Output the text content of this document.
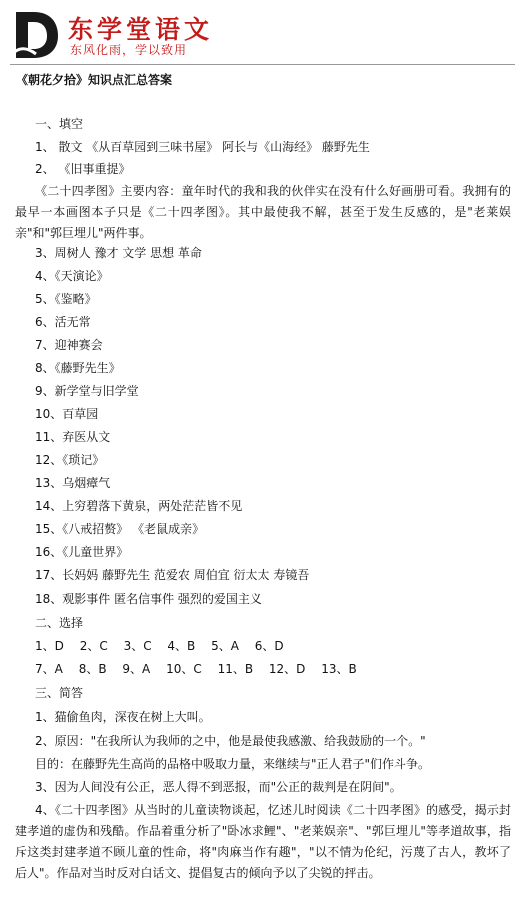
东学堂语文
东风化雨，学以致用
《朝花夕拾》知识点汇总答案
一、填空
1、 散文 《从百草园到三味书屋》 阿长与《山海经》 藤野先生
2、 《旧事重提》
《二十四孝图》主要内容：童年时代的我和我的伙伴实在没有什么好画册可看。我拥有的最早一本画图本子只是《二十四孝图》。其中最使我不解，甚至于发生反感的，是"老莱娱亲"和"郭巨埋儿"两件事。
3、周树人 豫才 文学 思想 革命
4、《天演论》
5、《鉴略》
6、活无常
7、迎神赛会
8、《藤野先生》
9、新学堂与旧学堂
10、百草园
11、弃医从文
12、《琐记》
13、乌烟瘴气
14、上穷碧落下黄泉，两处茫茫皆不见
15、《八戒招赘》 《老鼠成亲》
16、《儿童世界》
17、长妈妈 藤野先生 范爱农 周伯宜 衍太太 寿镜吾
18、观影事件 匿名信事件 强烈的爱国主义
二、选择
1、D 2、C 3、C 4、B 5、A 6、D
7、A 8、B 9、A 10、C 11、B 12、D 13、B
三、简答
1、猫偷鱼肉，深夜在树上大叫。
2、原因："在我所认为我师的之中，他是最使我感激、给我鼓励的一个。"
目的：在藤野先生高尚的品格中吸取力量，来继续与"正人君子"们作斗争。
3、因为人间没有公正，恶人得不到恶报，而"公正的裁判是在阴间"。
4、《二十四孝图》从当时的儿童读物谈起，忆述儿时阅读《二十四孝图》的感受，揭示封建孝道的虚伪和残酷。作品着重分析了"卧冰求鲤"、"老莱娱亲"、"郭巨埋儿"等孝道故事，指斥这类封建孝道不顾儿童的性命，将"肉麻当作有趣"，"以不情为伦纪，污蔑了古人，教坏了后人"。作品对当时反对白话文、提倡复古的倾向予以了尖锐的抨击。
